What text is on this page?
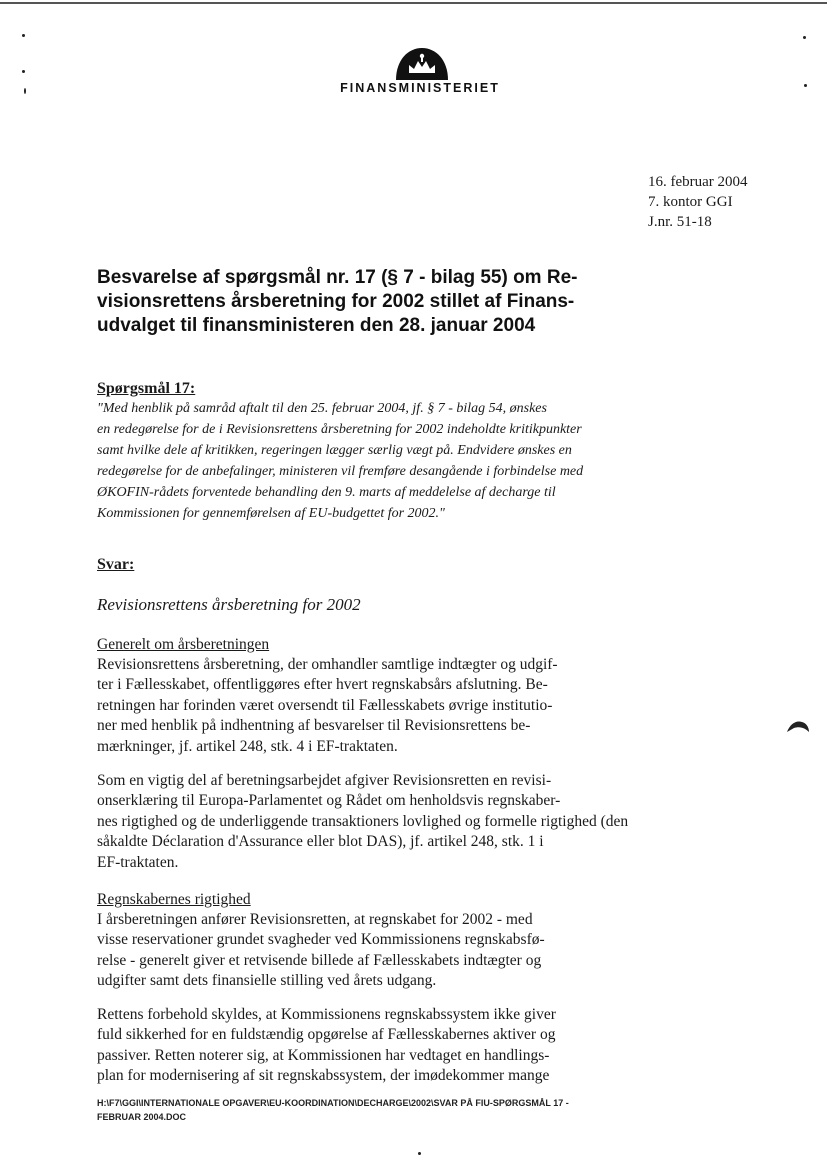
FINANSMINISTERIET
16. februar 2004
7. kontor GGI
J.nr. 51-18
Besvarelse af spørgsmål nr. 17 (§ 7 - bilag 55) om Re-
visionsrettens årsberetning for 2002 stillet af Finans-
udvalget til finansministeren den 28. januar 2004
Spørgsmål 17:
"Med henblik på samråd aftalt til den 25. februar 2004, jf. § 7 - bilag 54, ønskes
en redegørelse for de i Revisionsrettens årsberetning for 2002 indeholdte kritikpunkter
samt hvilke dele af kritikken, regeringen lægger særlig vægt på. Endvidere ønskes en
redegørelse for de anbefalinger, ministeren vil fremføre desangående i forbindelse med
ØKOFIN-rådets forventede behandling den 9. marts af meddelelse af decharge til
Kommissionen for gennemførelsen af EU-budgettet for 2002."
Svar:
Revisionsrettens årsberetning for 2002
Generelt om årsberetningen
Revisionsrettens årsberetning, der omhandler samtlige indtægter og udgif-
ter i Fællesskabet, offentliggøres efter hvert regnskabsårs afslutning. Be-
retningen har forinden været oversendt til Fællesskabets øvrige institutio-
ner med henblik på indhentning af besvarelser til Revisionsrettens be-
mærkninger, jf. artikel 248, stk. 4 i EF-traktaten.
Som en vigtig del af beretningsarbejdet afgiver Revisionsretten en revisi-
onserklæring til Europa-Parlamentet og Rådet om henholdsvis regnskaber-
nes rigtighed og de underliggende transaktioners lovlighed og formelle rigtighed (den
såkaldte Déclaration d'Assurance eller blot DAS), jf. artikel 248, stk. 1 i
EF-traktaten.
Regnskabernes rigtighed
I årsberetningen anfører Revisionsretten, at regnskabet for 2002 - med
visse reservationer grundet svagheder ved Kommissionens regnskabsfø-
relse - generelt giver et retvisende billede af Fællesskabets indtægter og
udgifter samt dets finansielle stilling ved årets udgang.
Rettens forbehold skyldes, at Kommissionens regnskabssystem ikke giver
fuld sikkerhed for en fuldstændig opgørelse af Fællesskabernes aktiver og
passiver. Retten noterer sig, at Kommissionen har vedtaget en handlings-
plan for modernisering af sit regnskabssystem, der imødekommer mange
H:\F7\GGI\INTERNATIONALE OPGAVER\EU-KOORDINATION\DECHARGE\2002\SVAR PÅ FIU-SPØRGSMÅL 17 -
FEBRUAR 2004.DOC
